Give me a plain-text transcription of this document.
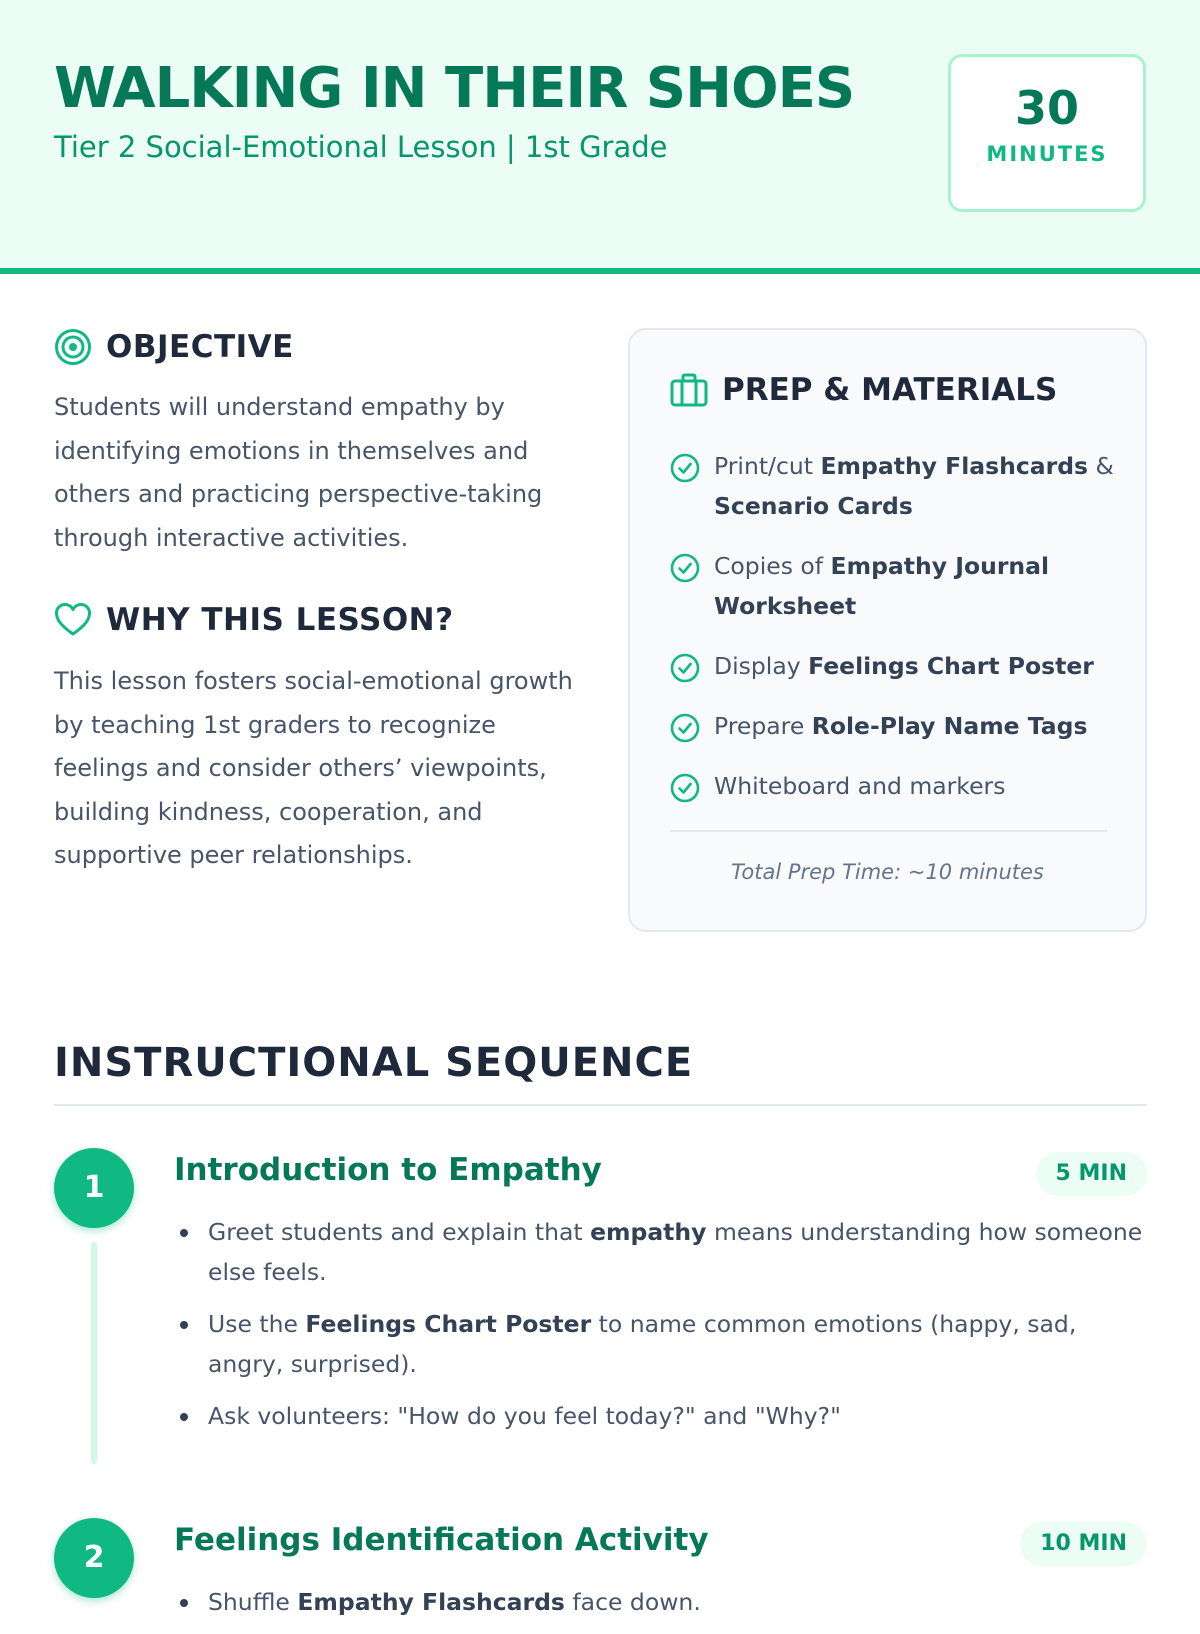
WALKING IN THEIR SHOES
Tier 2 Social-Emotional Lesson | 1st Grade
30
MINUTES
OBJECTIVE
Students will understand empathy by identifying emotions in themselves and others and practicing perspective-taking through interactive activities.
WHY THIS LESSON?
This lesson fosters social-emotional growth by teaching 1st graders to recognize feelings and consider others’ viewpoints, building kindness, cooperation, and supportive peer relationships.
PREP & MATERIALS
Print/cut Empathy Flashcards & Scenario Cards
Copies of Empathy Journal Worksheet
Display Feelings Chart Poster
Prepare Role-Play Name Tags
Whiteboard and markers
Total Prep Time: ~10 minutes
INSTRUCTIONAL SEQUENCE
1	Introduction to Empathy	5 MIN
Greet students and explain that empathy means understanding how someone else feels.
Use the Feelings Chart Poster to name common emotions (happy, sad, angry, surprised).
Ask volunteers: "How do you feel today?" and "Why?"
2	Feelings Identification Activity	10 MIN
Shuffle Empathy Flashcards face down.
